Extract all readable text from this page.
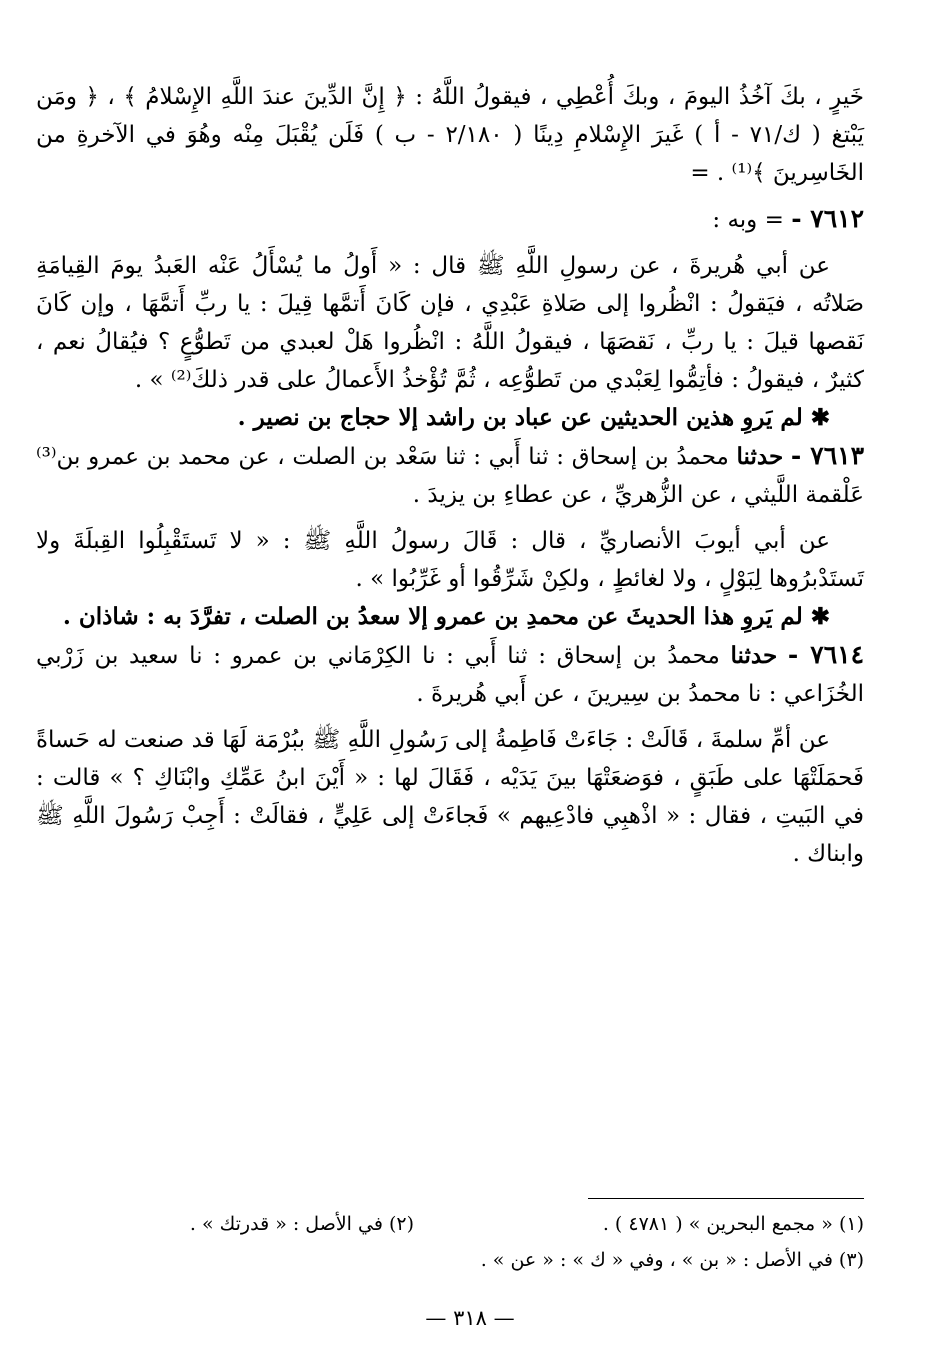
خَيرٍ ، بكَ آخُذُ اليومَ ، وبكَ أُعْطِي ، فيقولُ اللَّهُ : ﴿ إِنَّ الدِّينَ عندَ اللَّهِ الإِسْلامُ ﴾ ، ﴿ ومَن يَبْتغ ( ك/٧١ - أ ) غَيرَ الإِسْلامِ دِينًا ( ٢/١٨٠ - ب ) فَلَن يُقْبَلَ مِنْه وهُوَ في الآخرةِ من الخَاسِرينَ ﴾⁽¹⁾ . =

٧٦١٢ - = وبه :

عن أبي هُريرةَ ، عن رسولِ اللَّهِ ﷺ قال : « أَولُ ما يُسْأَلُ عَنْه العَبدُ يومَ القِيامَةِ صَلاتُه ، فيَقولُ : انْظُروا إلى صَلاةِ عَبْدِي ، فإن كَانَ أَتمَّها قِيلَ : يا ربِّ أَتمَّهَا ، وإن كَانَ نَقصها قيلَ : يا ربِّ ، نَقصَهَا ، فيقولُ اللَّهُ : انْظُروا هَلْ لعبدي من تَطوُّعٍ ؟ فيُقالُ نعم ، كثيرٌ ، فيقولُ : فأتِمُّوا لِعَبْدي من تَطوُّعِه ، ثُمَّ تُؤْخذُ الأَعمالُ على قدر ذلكَ⁽²⁾ » .

✱ لم يَروِ هذين الحديثين عن عباد بن راشد إلا حجاج بن نصير .

٧٦١٣ - حدثنا محمدُ بن إسحاق : ثنا أَبي : ثنا سَعْد بن الصلت ، عن محمد بن عمرو بن⁽³⁾ عَلْقمة اللَّيثي ، عن الزُّهريِّ ، عن عطاءِ بن يزيدَ .

عن أبي أيوبَ الأنصاريِّ ، قال : قَالَ رسولُ اللَّهِ ﷺ : « لا تَستَقْبِلُوا القِبلَةَ ولا تَستَدْبرُوها لِبَوْلٍ ، ولا لغائطٍ ، ولكِنْ شَرِّقُوا أو غَرِّبُوا » .

✱ لم يَروِ هذا الحديثَ عن محمدِ بن عمرو إلا سعدُ بن الصلت ، تفرَّدَ به : شاذان .

٧٦١٤ - حدثنا محمدُ بن إسحاق : ثنا أَبي : نا الكِرْمَاني بن عمرو : نا سعيد بن زَرْبي الخُزَاعي : نا محمدُ بن سِيرينَ ، عن أَبي هُريرةَ .

عن أمِّ سلمةَ ، قَالَتْ : جَاءَتْ فَاطِمةُ إلى رَسُولِ اللَّهِ ﷺ ببُرْمَة لَهَا قد صنعت له حَساةً فَحمَلَتْهَا على طَبَقٍ ، فوَضعَتْهَا بينَ يَدَيْه ، فَقَالَ لها : « أَيْنَ ابنُ عَمِّكِ وابْنَاكِ ؟ » قالت : في البَيتِ ، فقال : « اذْهبِي فادْعِيهم » فَجاءَتْ إلى عَلِيٍّ ، فقالَتْ : أَجِبْ رَسُولَ اللَّهِ ﷺ وابناك .

(١) « مجمع البحرين » ( ٤٧٨١ ) .
(٢) في الأصل : « قدرتك » .
(٣) في الأصل : « بن » ، وفي « ك » : « عن » .
— ٣١٨ —
